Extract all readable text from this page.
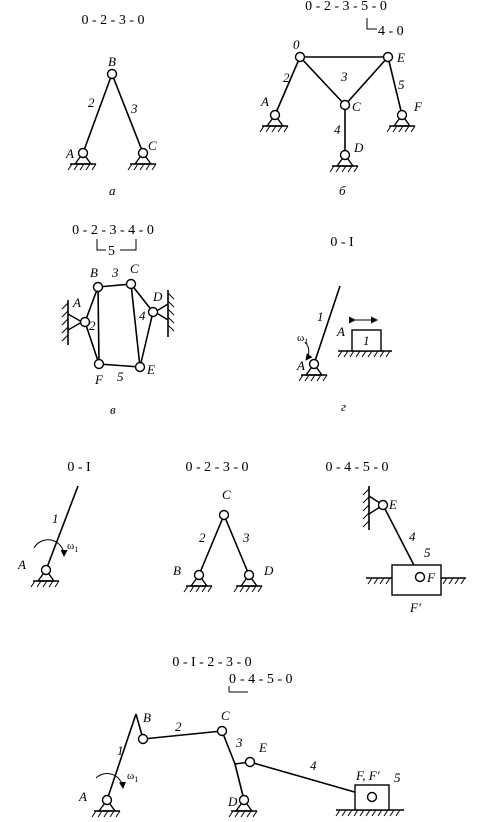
0 - 2 - 3 - 0
B
2	3
A
C
а
0 - 2 - 3 - 5 - 0
4 - 0
0
E
2	3
5
A	C	F
4
D
б
0 - 2 - 3 - 4 - 0
5
B 3 C
A	D
2
4
F 5 E
в
0 - I
1
A
1
$\omega_1$
A
г
0 - I
1
$\omega_1$
A
0 - 2 - 3 - 0
C
2	3
B	D
0 - 4 - 5 - 0
E
4
5
F
F'
0 - I - 2 - 3 - 0
0 - 4 - 5 - 0
B
2
C
1
3 E
4
F, F' 5
$\omega_1$
A	D
